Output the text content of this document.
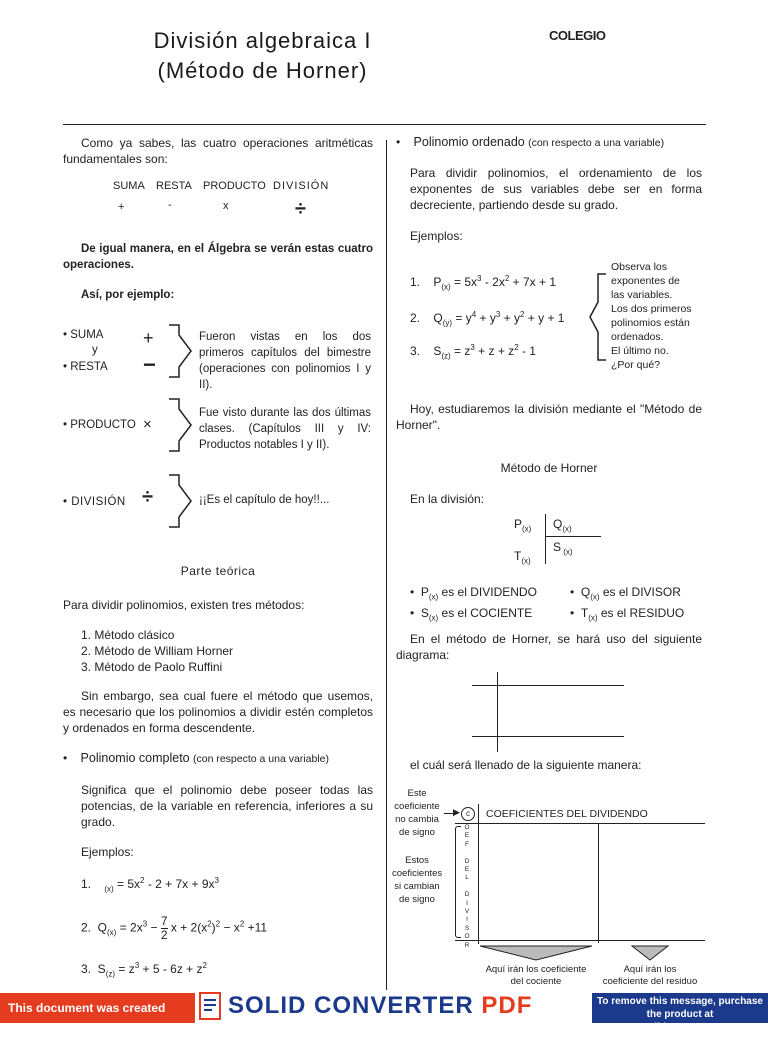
División algebraica I
(Método de Horner)
COLEGIO

Como ya sabes, las cuatro operaciones aritméticas fundamentales son:

SUMA RESTA PRODUCTO DIVISIÓN
+	-	x	÷

De igual manera, en el Álgebra se verán estas cuatro operaciones.

Así, por ejemplo:

• SUMA
y
• RESTA
+
−

Fueron vistas en los dos primeros capítulos del bimestre (operaciones con polinomios I y II).

• PRODUCTO ×

Fue visto durante las dos últimas clases. (Capítulos III y IV: Productos notables I y II).

• DIVISIÓN ÷	¡¡Es el capítulo de hoy!!...

Parte teórica

Para dividir polinomios, existen tres métodos:

1. Método clásico
2. Método de William Horner
3. Método de Paolo Ruffini

Sin embargo, sea cual fuere el método que usemos, es necesario que los polinomios a dividir estén completos y ordenados en forma descendente.

• Polinomio completo (con respecto a una variable)

Significa que el polinomio debe poseer todas las potencias, de la variable en referencia, inferiores a su grado.

Ejemplos:

1.    $_{(x)} = 5x^2 - 2 + 7x + 9x^3$
2.  $Q_{(x)} = 2x^3 - \frac{7}{2}$ $x + 2(x^2)^2 - x^2 +11$
3.  $S_{(z)} = z^3 + 5 - 6z + z^2$
• Polinomio ordenado (con respecto a una variable)

Para dividir polinomios, el ordenamiento de los exponentes de sus variables debe ser en forma decreciente, partiendo desde su grado.

Ejemplos:

1.    $P_{(x)} = 5x^3 - 2x^2 + 7x + 1$
2.    $Q_{(y)} = y^4 + y^3 + y^2 + y + 1$
3.    $S_{(z)} = z^3 + z + z^2 - 1$
Observa los
exponentes de
las variables.
Los dos primeros
polinomios están
ordenados.
El último no.
¿Por qué?

Hoy, estudiaremos la división mediante el "Método de Horner".

Método de Horner

En la división:

$P_{(x)}$
$T_{(x)}$
$Q_{(x)}$
S $_{(x)}$
•  $P_{(x)}$ es el DIVIDENDO
•  $S_{(x)}$ es el COCIENTE
•  $Q_{(x)}$ es el DIVISOR
•  $T_{(x)}$ es el RESIDUO

En el método de Horner, se hará uso del siguiente diagrama:

el cuál será llenado de la siguiente manera:

Este
coeficiente
no cambia
de signo
▶ c
Estos
coeficientes
si cambian
de signo
O
E
F

D
E
L

D
I
V
I
S
O
R
COEFICIENTES DEL DIVIDENDO
Aquí irán los coeficiente
del cociente
Aquí irán los
coeficiente del residuo
This document was created using
SOLID CONVERTER PDF	To remove this message, purchase the product at www.SolidDocuments.com
